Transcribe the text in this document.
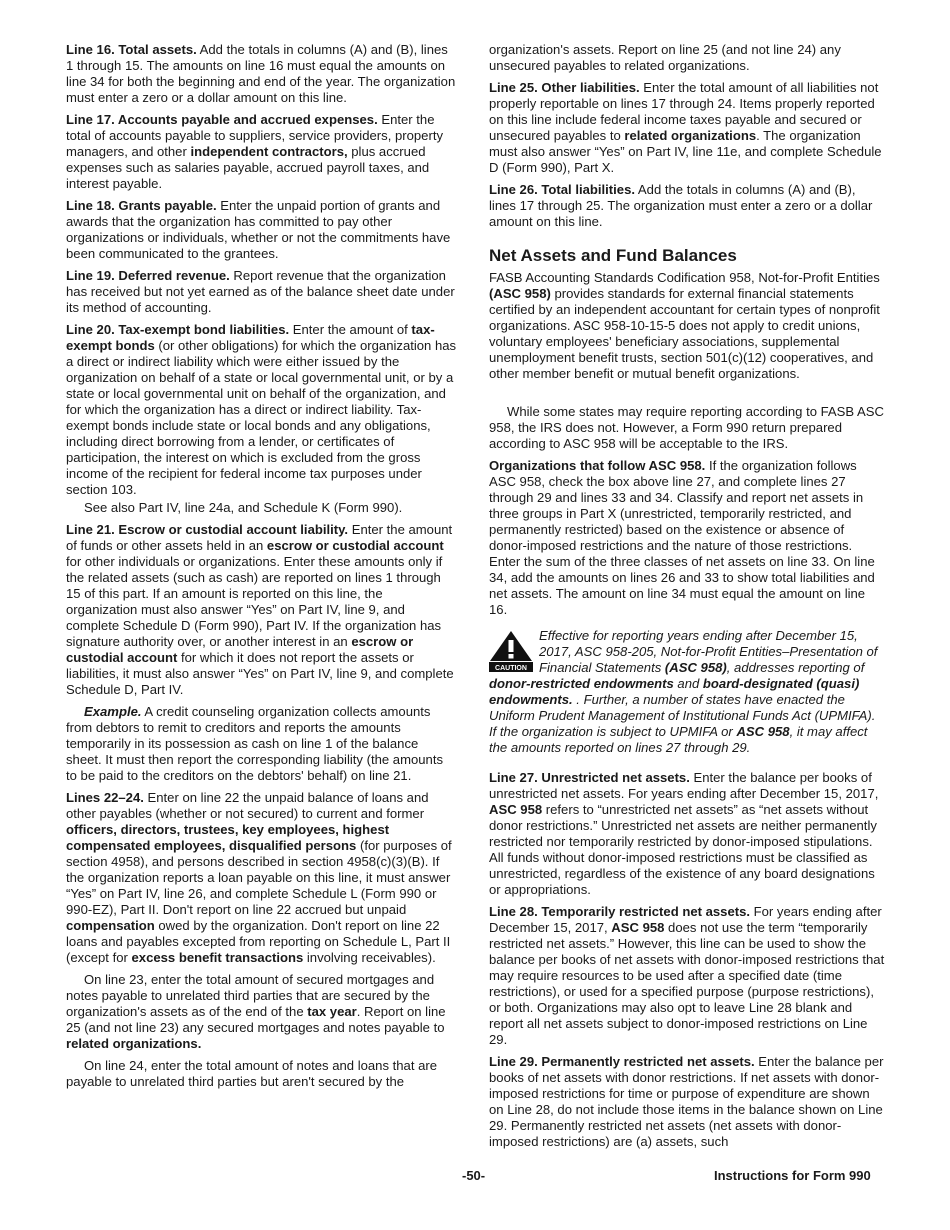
Line 16. Total assets. Add the totals in columns (A) and (B), lines 1 through 15. The amounts on line 16 must equal the amounts on line 34 for both the beginning and end of the year. The organization must enter a zero or a dollar amount on this line.

Line 17. Accounts payable and accrued expenses. Enter the total of accounts payable to suppliers, service providers, property managers, and other independent contractors, plus accrued expenses such as salaries payable, accrued payroll taxes, and interest payable.

Line 18. Grants payable. Enter the unpaid portion of grants and awards that the organization has committed to pay other organizations or individuals, whether or not the commitments have been communicated to the grantees.

Line 19. Deferred revenue. Report revenue that the organization has received but not yet earned as of the balance sheet date under its method of accounting.

Line 20. Tax-exempt bond liabilities. Enter the amount of tax-exempt bonds (or other obligations) for which the organization has a direct or indirect liability which were either issued by the organization on behalf of a state or local governmental unit, or by a state or local governmental unit on behalf of the organization, and for which the organization has a direct or indirect liability. Tax-exempt bonds include state or local bonds and any obligations, including direct borrowing from a lender, or certificates of participation, the interest on which is excluded from the gross income of the recipient for federal income tax purposes under section 103.

See also Part IV, line 24a, and Schedule K (Form 990).

Line 21. Escrow or custodial account liability. Enter the amount of funds or other assets held in an escrow or custodial account for other individuals or organizations. Enter these amounts only if the related assets (such as cash) are reported on lines 1 through 15 of this part. If an amount is reported on this line, the organization must also answer “Yes” on Part IV, line 9, and complete Schedule D (Form 990), Part IV. If the organization has signature authority over, or another interest in an escrow or custodial account for which it does not report the assets or liabilities, it must also answer “Yes” on Part IV, line 9, and complete Schedule D, Part IV.

Example. A credit counseling organization collects amounts from debtors to remit to creditors and reports the amounts temporarily in its possession as cash on line 1 of the balance sheet. It must then report the corresponding liability (the amounts to be paid to the creditors on the debtors' behalf) on line 21.

Lines 22–24. Enter on line 22 the unpaid balance of loans and other payables (whether or not secured) to current and former officers, directors, trustees, key employees, highest compensated employees, disqualified persons (for purposes of section 4958), and persons described in section 4958(c)(3)(B). If the organization reports a loan payable on this line, it must answer “Yes” on Part IV, line 26, and complete Schedule L (Form 990 or 990-EZ), Part II. Don't report on line 22 accrued but unpaid compensation owed by the organization. Don't report on line 22 loans and payables excepted from reporting on Schedule L, Part II (except for excess benefit transactions involving receivables).

On line 23, enter the total amount of secured mortgages and notes payable to unrelated third parties that are secured by the organization's assets as of the end of the tax year. Report on line 25 (and not line 23) any secured mortgages and notes payable to related organizations.

On line 24, enter the total amount of notes and loans that are payable to unrelated third parties but aren't secured by the

organization's assets. Report on line 25 (and not line 24) any unsecured payables to related organizations.

Line 25. Other liabilities. Enter the total amount of all liabilities not properly reportable on lines 17 through 24. Items properly reported on this line include federal income taxes payable and secured or unsecured payables to related organizations. The organization must also answer “Yes” on Part IV, line 11e, and complete Schedule D (Form 990), Part X.

Line 26. Total liabilities. Add the totals in columns (A) and (B), lines 17 through 25. The organization must enter a zero or a dollar amount on this line.

Net Assets and Fund Balances

FASB Accounting Standards Codification 958, Not-for-Profit Entities (ASC 958) provides standards for external financial statements certified by an independent accountant for certain types of nonprofit organizations. ASC 958-10-15-5 does not apply to credit unions, voluntary employees' beneficiary associations, supplemental unemployment benefit trusts, section 501(c)(12) cooperatives, and other member benefit or mutual benefit organizations.

While some states may require reporting according to FASB ASC 958, the IRS does not. However, a Form 990 return prepared according to ASC 958 will be acceptable to the IRS.

Organizations that follow ASC 958. If the organization follows ASC 958, check the box above line 27, and complete lines 27 through 29 and lines 33 and 34. Classify and report net assets in three groups in Part X (unrestricted, temporarily restricted, and permanently restricted) based on the existence or absence of donor-imposed restrictions and the nature of those restrictions. Enter the sum of the three classes of net assets on line 33. On line 34, add the amounts on lines 26 and 33 to show total liabilities and net assets. The amount on line 34 must equal the amount on line 16.

CAUTION

Effective for reporting years ending after December 15, 2017, ASC 958-205, Not-for-Profit Entities–Presentation of Financial Statements (ASC 958), addresses reporting of donor-restricted endowments and board-designated (quasi) endowments. . Further, a number of states have enacted the Uniform Prudent Management of Institutional Funds Act (UPMIFA). If the organization is subject to UPMIFA or ASC 958, it may affect the amounts reported on lines 27 through 29.

Line 27. Unrestricted net assets. Enter the balance per books of unrestricted net assets. For years ending after December 15, 2017, ASC 958 refers to “unrestricted net assets” as “net assets without donor restrictions.” Unrestricted net assets are neither permanently restricted nor temporarily restricted by donor-imposed stipulations. All funds without donor-imposed restrictions must be classified as unrestricted, regardless of the existence of any board designations or appropriations.

Line 28. Temporarily restricted net assets. For years ending after December 15, 2017, ASC 958 does not use the term “temporarily restricted net assets.” However, this line can be used to show the balance per books of net assets with donor-imposed restrictions that may require resources to be used after a specified date (time restrictions), or used for a specified purpose (purpose restrictions), or both. Organizations may also opt to leave Line 28 blank and report all net assets subject to donor-imposed restrictions on Line 29.

Line 29. Permanently restricted net assets. Enter the balance per books of net assets with donor restrictions. If net assets with donor-imposed restrictions for time or purpose of expenditure are shown on Line 28, do not include those items in the balance shown on Line 29. Permanently restricted net assets (net assets with donor-imposed restrictions) are (a) assets, such

-50-	Instructions for Form 990
